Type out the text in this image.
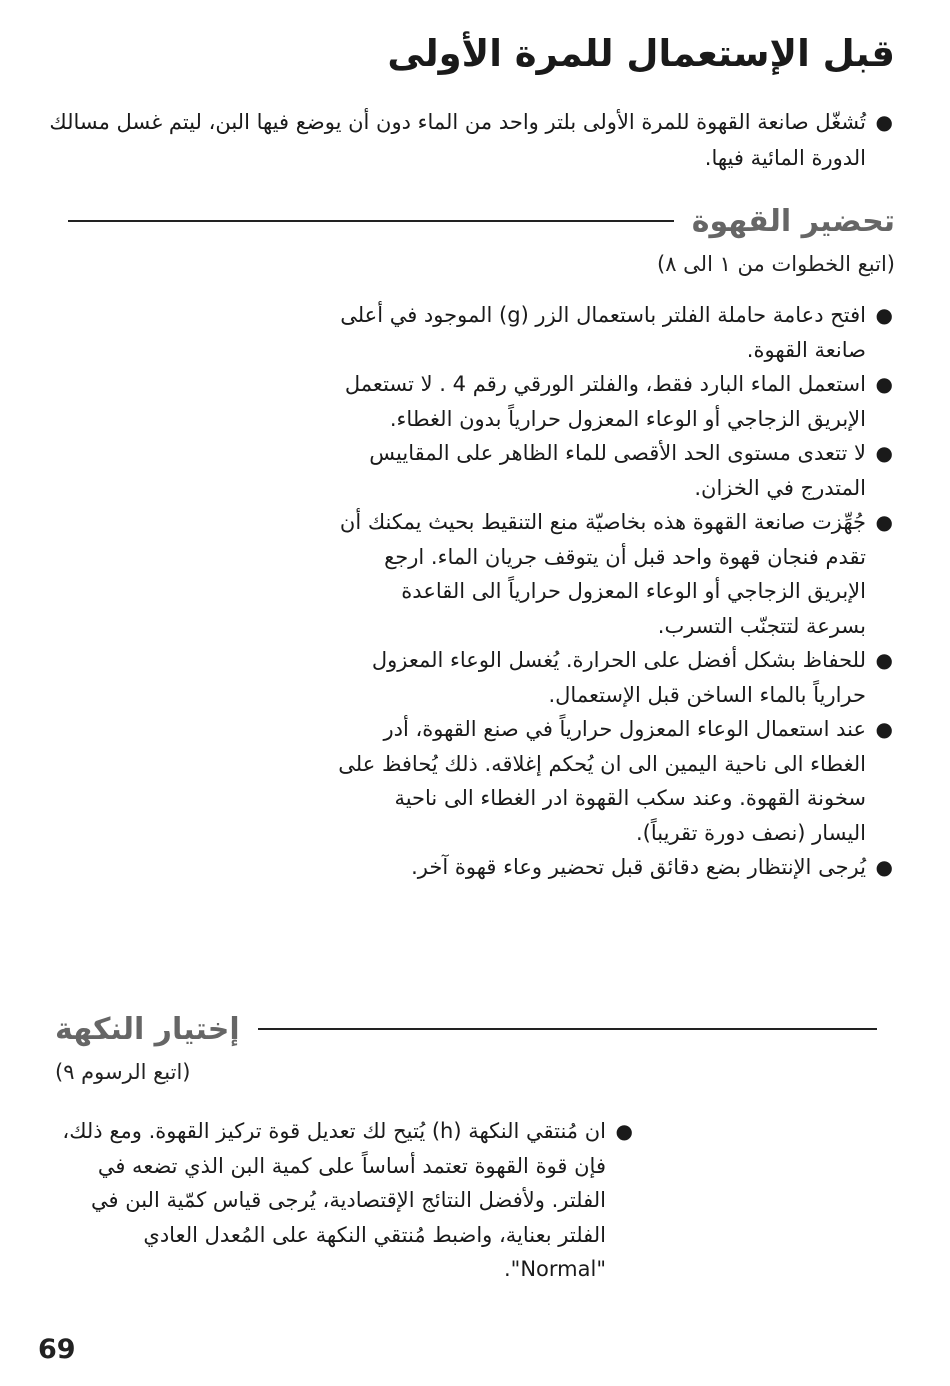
قبل الإستعمال للمرة الأولى
●
تُشغّل صانعة القهوة للمرة الأولى بلتر واحد من الماء دون أن يوضع فيها البن، ليتم غسل مسالك الدورة المائية فيها.
تحضير القهوة
(اتبع الخطوات من ١ الى ٨)
●
افتح دعامة حاملة الفلتر باستعمال الزر (g) الموجود في أعلى صانعة القهوة.
●
استعمل الماء البارد فقط، والفلتر الورقي رقم 4 . لا تستعمل الإبريق الزجاجي أو الوعاء المعزول حرارياً بدون الغطاء.
●
لا تتعدى مستوى الحد الأقصى للماء الظاهر على المقاييس المتدرج في الخزان.
●
جُهِّزت صانعة القهوة هذه بخاصيّة منع التنقيط بحيث يمكنك أن تقدم فنجان قهوة واحد قبل أن يتوقف جريان الماء. ارجع الإبريق الزجاجي أو الوعاء المعزول حرارياً الى القاعدة بسرعة لتتجنّب التسرب.
●
للحفاظ بشكل أفضل على الحرارة. يُغسل الوعاء المعزول حرارياً بالماء الساخن قبل الإستعمال.
●
عند استعمال الوعاء المعزول حرارياً في صنع القهوة، أدر الغطاء الى ناحية اليمين الى ان يُحكم إغلاقه. ذلك يُحافظ على سخونة القهوة. وعند سكب القهوة ادر الغطاء الى ناحية اليسار (نصف دورة تقريباً).
●
يُرجى الإنتظار بضع دقائق قبل تحضير وعاء قهوة آخر.
إختيار النكهة
(اتبع الرسوم ٩)
●
ان مُنتقي النكهة (h) يُتيح لك تعديل قوة تركيز القهوة. ومع ذلك، فإن قوة القهوة تعتمد أساساً على كمية البن الذي تضعه في الفلتر. ولأفضل النتائج الإقتصادية، يُرجى قياس كمّية البن في الفلتر بعناية، واضبط مُنتقي النكهة على المُعدل العادي "Normal".
69
